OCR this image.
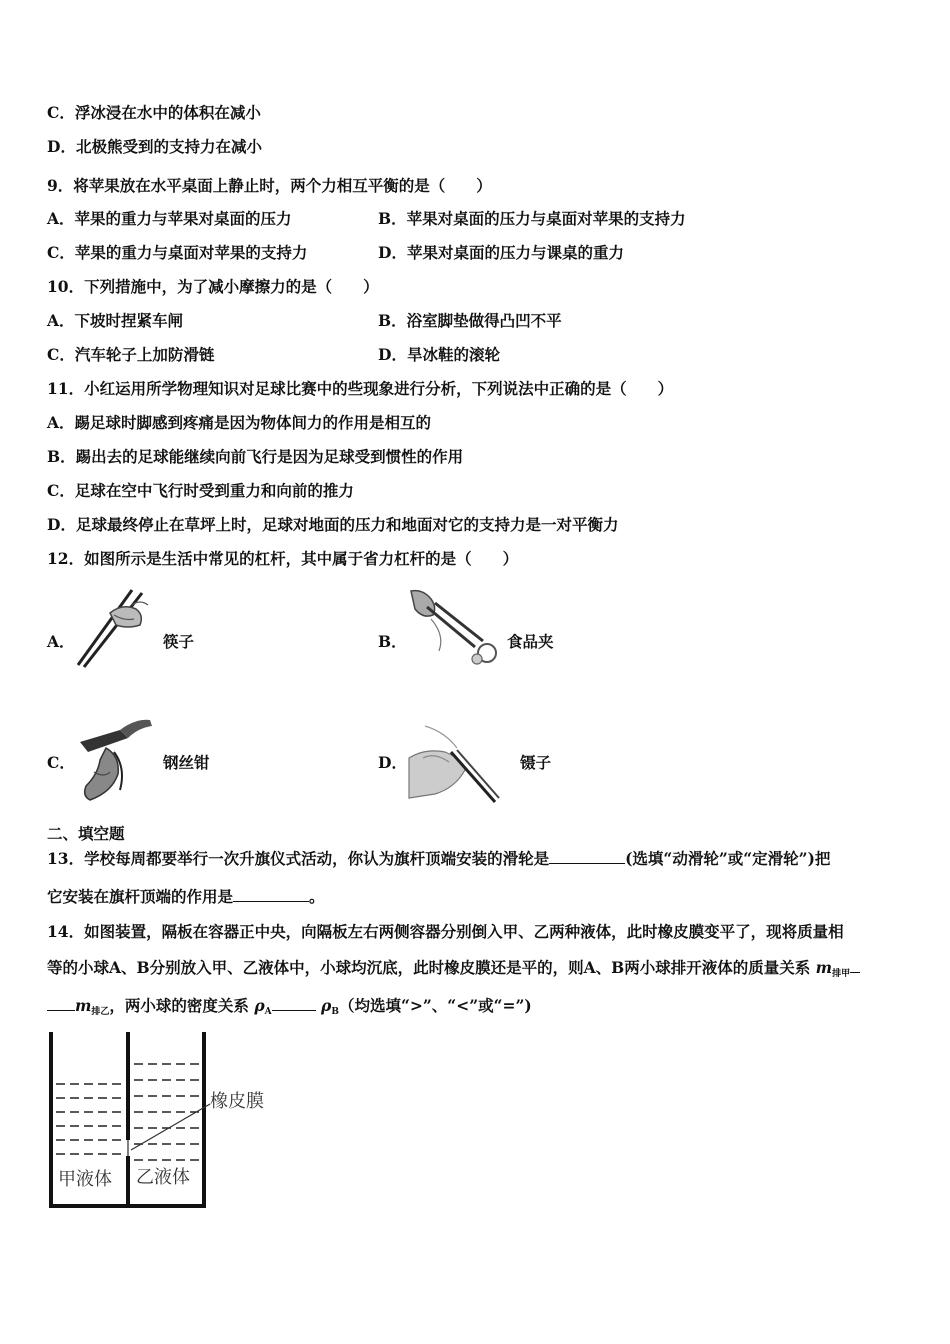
C．浮冰浸在水中的体积在减小
D．北极熊受到的支持力在减小
9．将苹果放在水平桌面上静止时，两个力相互平衡的是（　　）
A．苹果的重力与苹果对桌面的压力	B．苹果对桌面的压力与桌面对苹果的支持力
C．苹果的重力与桌面对苹果的支持力	D．苹果对桌面的压力与课桌的重力
10．下列措施中，为了减小摩擦力的是（　　）
A．下坡时捏紧车闸	B．浴室脚垫做得凸凹不平
C．汽车轮子上加防滑链	D．旱冰鞋的滚轮
11．小红运用所学物理知识对足球比赛中的些现象进行分析，下列说法中正确的是（　　）
A．踢足球时脚感到疼痛是因为物体间力的作用是相互的
B．踢出去的足球能继续向前飞行是因为足球受到惯性的作用
C．足球在空中飞行时受到重力和向前的推力
D．足球最终停止在草坪上时，足球对地面的压力和地面对它的支持力是一对平衡力
12．如图所示是生活中常见的杠杆，其中属于省力杠杆的是（　　）
A．	筷子	B．	食品夹
C．	钢丝钳	D．	镊子
二、填空题
13．学校每周都要举行一次升旗仪式活动，你认为旗杆顶端安装的滑轮是	(选填“动滑轮”或“定滑轮”)把
它安装在旗杆顶端的作用是	。
14．如图装置，隔板在容器正中央，向隔板左右两侧容器分别倒入甲、乙两种液体，此时橡皮膜变平了，现将质量相
等的小球A、B分别放入甲、乙液体中，小球均沉底，此时橡皮膜还是平的，则A、B两小球排开液体的质量关系 $m_{排甲}$
$m_{排乙}$，两小球的密度关系 $\rho_A$	$\rho_B$（均选填“>”、“<”或“=”)
甲液体 乙液体
橡皮膜
